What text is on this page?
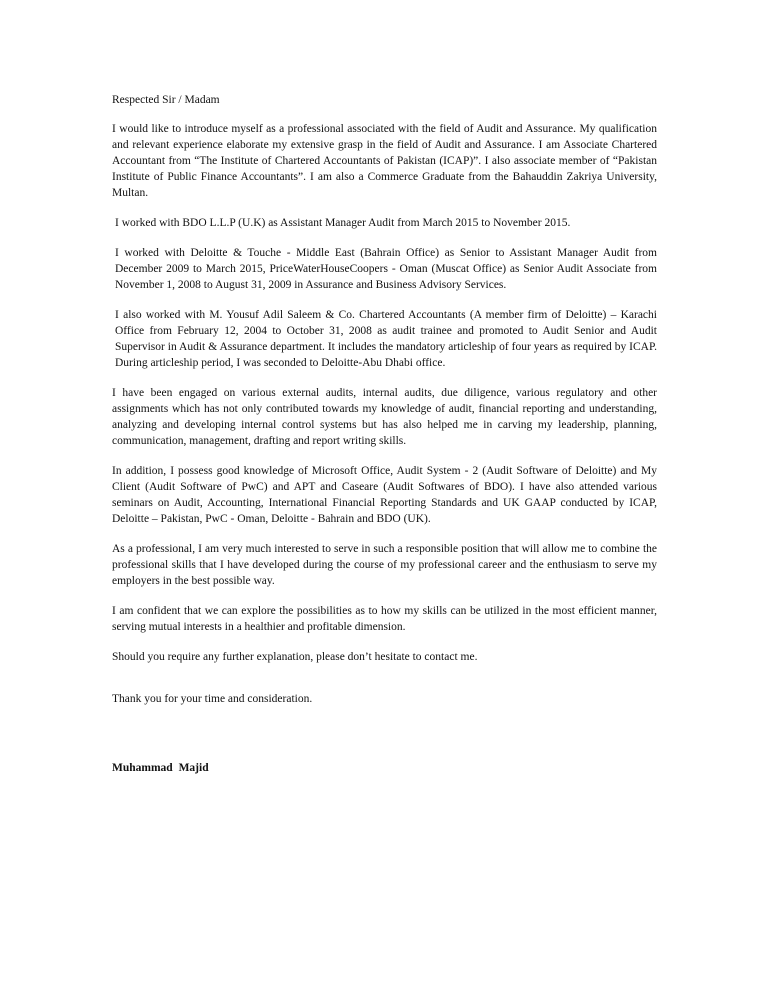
Respected Sir / Madam

I would like to introduce myself as a professional associated with the field of Audit and Assurance. My qualification and relevant experience elaborate my extensive grasp in the field of Audit and Assurance. I am Associate Chartered Accountant from “The Institute of Chartered Accountants of Pakistan (ICAP)”. I also associate member of “Pakistan Institute of Public Finance Accountants”. I am also a Commerce Graduate from the Bahauddin Zakriya University, Multan.

I worked with BDO L.L.P (U.K) as Assistant Manager Audit from March 2015 to November 2015.

I worked with Deloitte & Touche - Middle East (Bahrain Office) as Senior to Assistant Manager Audit from December 2009 to March 2015, PriceWaterHouseCoopers - Oman (Muscat Office) as Senior Audit Associate from November 1, 2008 to August 31, 2009 in Assurance and Business Advisory Services.

I also worked with M. Yousuf Adil Saleem & Co. Chartered Accountants (A member firm of Deloitte) – Karachi Office from February 12, 2004 to October 31, 2008 as audit trainee and promoted to Audit Senior and Audit Supervisor in Audit & Assurance department. It includes the mandatory articleship of four years as required by ICAP. During articleship period, I was seconded to Deloitte-Abu Dhabi office.

I have been engaged on various external audits, internal audits, due diligence, various regulatory and other assignments which has not only contributed towards my knowledge of audit, financial reporting and understanding, analyzing and developing internal control systems but has also helped me in carving my leadership, planning, communication, management, drafting and report writing skills.

In addition, I possess good knowledge of Microsoft Office, Audit System - 2 (Audit Software of Deloitte) and My Client (Audit Software of PwC) and APT and Caseare (Audit Softwares of BDO). I have also attended various seminars on Audit, Accounting, International Financial Reporting Standards and UK GAAP conducted by ICAP, Deloitte – Pakistan, PwC - Oman, Deloitte - Bahrain and BDO (UK).

As a professional, I am very much interested to serve in such a responsible position that will allow me to combine the professional skills that I have developed during the course of my professional career and the enthusiasm to serve my employers in the best possible way.

I am confident that we can explore the possibilities as to how my skills can be utilized in the most efficient manner, serving mutual interests in a healthier and profitable dimension.

Should you require any further explanation, please don’t hesitate to contact me.

Thank you for your time and consideration.

Muhammad Majid
